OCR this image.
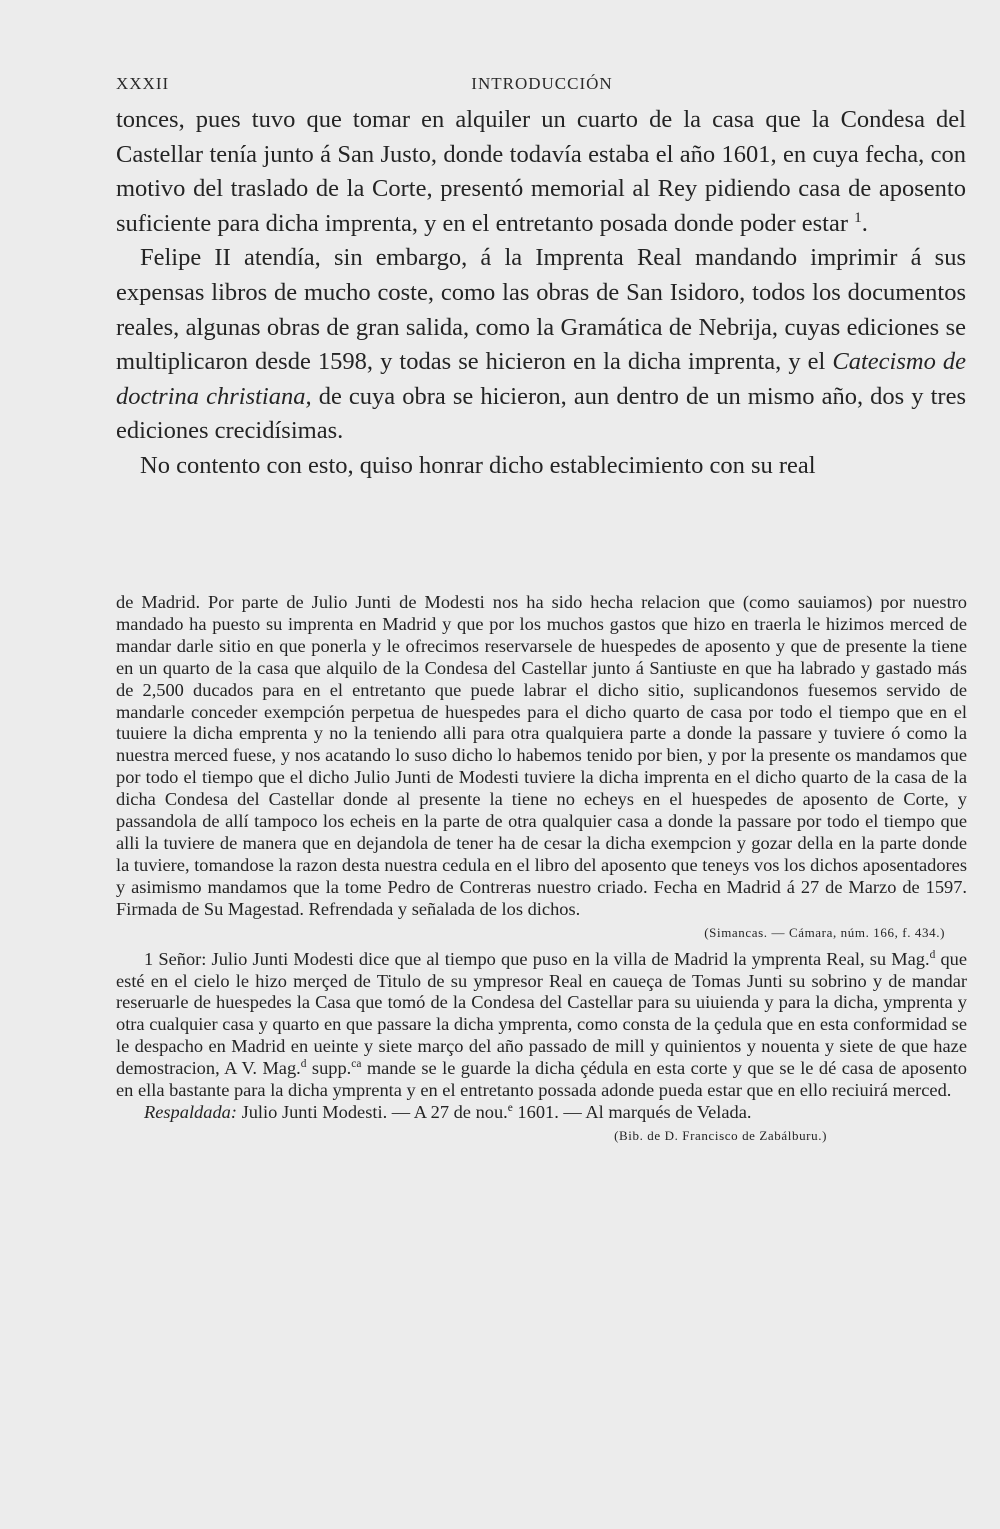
XXXII	INTRODUCCIÓN

tonces, pues tuvo que tomar en alquiler un cuarto de la casa que la Condesa del Castellar tenía junto á San Justo, donde todavía estaba el año 1601, en cuya fecha, con motivo del traslado de la Corte, presentó memorial al Rey pidiendo casa de aposento suficiente para dicha imprenta, y en el entretanto posada donde poder estar $^1$.

Felipe II atendía, sin embargo, á la Imprenta Real mandando imprimir á sus expensas libros de mucho coste, como las obras de San Isidoro, todos los documentos reales, algunas obras de gran salida, como la Gramática de Nebrija, cuyas ediciones se multiplicaron desde 1598, y todas se hicieron en la dicha imprenta, y el Catecismo de doctrina christiana, de cuya obra se hicieron, aun dentro de un mismo año, dos y tres ediciones crecidísimas.

No contento con esto, quiso honrar dicho establecimiento con su real

de Madrid. Por parte de Julio Junti de Modesti nos ha sido hecha relacion que (como sauiamos) por nuestro mandado ha puesto su imprenta en Madrid y que por los muchos gastos que hizo en traerla le hizimos merced de mandar darle sitio en que ponerla y le ofrecimos reservarsele de huespedes de aposento y que de presente la tiene en un quarto de la casa que alquilo de la Condesa del Castellar junto á Santiuste en que ha labrado y gastado más de 2,500 ducados para en el entretanto que puede labrar el dicho sitio, suplicandonos fuesemos servido de mandarle conceder exempción perpetua de huespedes para el dicho quarto de casa por todo el tiempo que en el tuuiere la dicha emprenta y no la teniendo alli para otra qualquiera parte a donde la passare y tuviere ó como la nuestra merced fuese, y nos acatando lo suso dicho lo habemos tenido por bien, y por la presente os mandamos que por todo el tiempo que el dicho Julio Junti de Modesti tuviere la dicha imprenta en el dicho quarto de la casa de la dicha Condesa del Castellar donde al presente la tiene no echeys en el huespedes de aposento de Corte, y passandola de allí tampoco los echeis en la parte de otra qualquier casa a donde la passare por todo el tiempo que alli la tuviere de manera que en dejandola de tener ha de cesar la dicha exempcion y gozar della en la parte donde la tuviere, tomandose la razon desta nuestra cedula en el libro del aposento que teneys vos los dichos aposentadores y asimismo mandamos que la tome Pedro de Contreras nuestro criado. Fecha en Madrid á 27 de Marzo de 1597. Firmada de Su Magestad. Refrendada y señalada de los dichos.

(Simancas. — Cámara, núm. 166, f. 434.)

1 Señor: Julio Junti Modesti dice que al tiempo que puso en la villa de Madrid la ymprenta Real, su Mag.$^d$ que esté en el cielo le hizo merçed de Titulo de su ympresor Real en caueça de Tomas Junti su sobrino y de mandar reseruarle de huespedes la Casa que tomó de la Condesa del Castellar para su uiuienda y para la dicha, ymprenta y otra cualquier casa y quarto en que passare la dicha ymprenta, como consta de la çedula que en esta conformidad se le despacho en Madrid en ueinte y siete março del año passado de mill y quinientos y nouenta y siete de que haze demostracion, A V. Mag.$^d$ supp.$^{ca}$ mande se le guarde la dicha çédula en esta corte y que se le dé casa de aposento en ella bastante para la dicha ymprenta y en el entretanto possada adonde pueda estar que en ello reciuirá merced.

Respaldada: Julio Junti Modesti. — A 27 de nou.$^e$ 1601. — Al marqués de Velada.

(Bib. de D. Francisco de Zabálburu.)
